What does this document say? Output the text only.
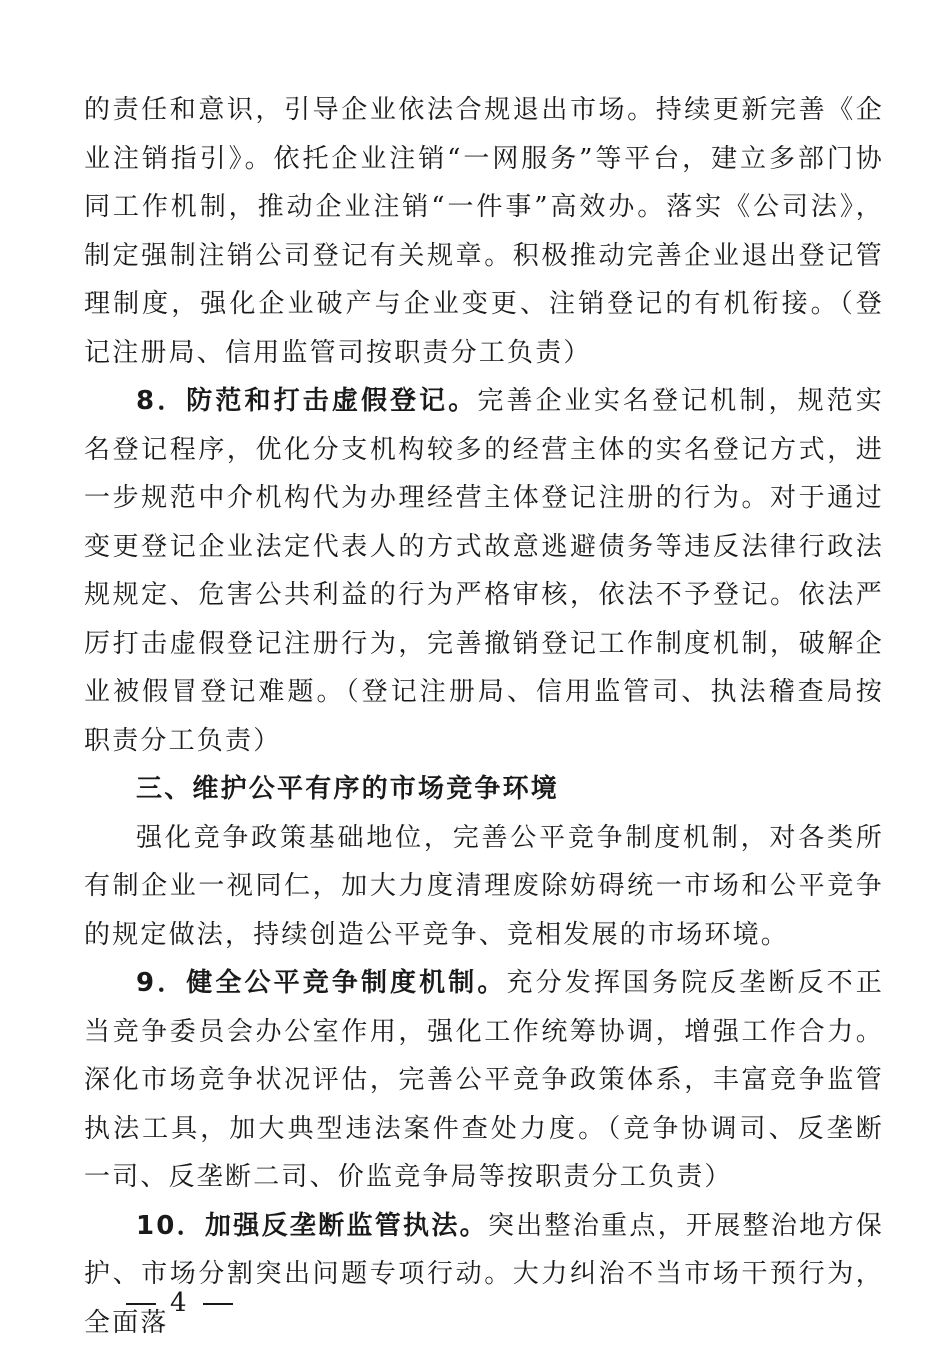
的责任和意识，引导企业依法合规退出市场。持续更新完善《企业注销指引》。依托企业注销“一网服务”等平台，建立多部门协同工作机制，推动企业注销“一件事”高效办。落实《公司法》，制定强制注销公司登记有关规章。积极推动完善企业退出登记管理制度，强化企业破产与企业变更、注销登记的有机衔接。（登记注册局、信用监管司按职责分工负责）

8．防范和打击虚假登记。完善企业实名登记机制，规范实名登记程序，优化分支机构较多的经营主体的实名登记方式，进一步规范中介机构代为办理经营主体登记注册的行为。对于通过变更登记企业法定代表人的方式故意逃避债务等违反法律行政法规规定、危害公共利益的行为严格审核，依法不予登记。依法严厉打击虚假登记注册行为，完善撤销登记工作制度机制，破解企业被假冒登记难题。（登记注册局、信用监管司、执法稽查局按职责分工负责）

三、维护公平有序的市场竞争环境

强化竞争政策基础地位，完善公平竞争制度机制，对各类所有制企业一视同仁，加大力度清理废除妨碍统一市场和公平竞争的规定做法，持续创造公平竞争、竞相发展的市场环境。

9．健全公平竞争制度机制。充分发挥国务院反垄断反不正当竞争委员会办公室作用，强化工作统筹协调，增强工作合力。深化市场竞争状况评估，完善公平竞争政策体系，丰富竞争监管执法工具，加大典型违法案件查处力度。（竞争协调司、反垄断一司、反垄断二司、价监竞争局等按职责分工负责）

10．加强反垄断监管执法。突出整治重点，开展整治地方保护、市场分割突出问题专项行动。大力纠治不当市场干预行为，全面落

4
